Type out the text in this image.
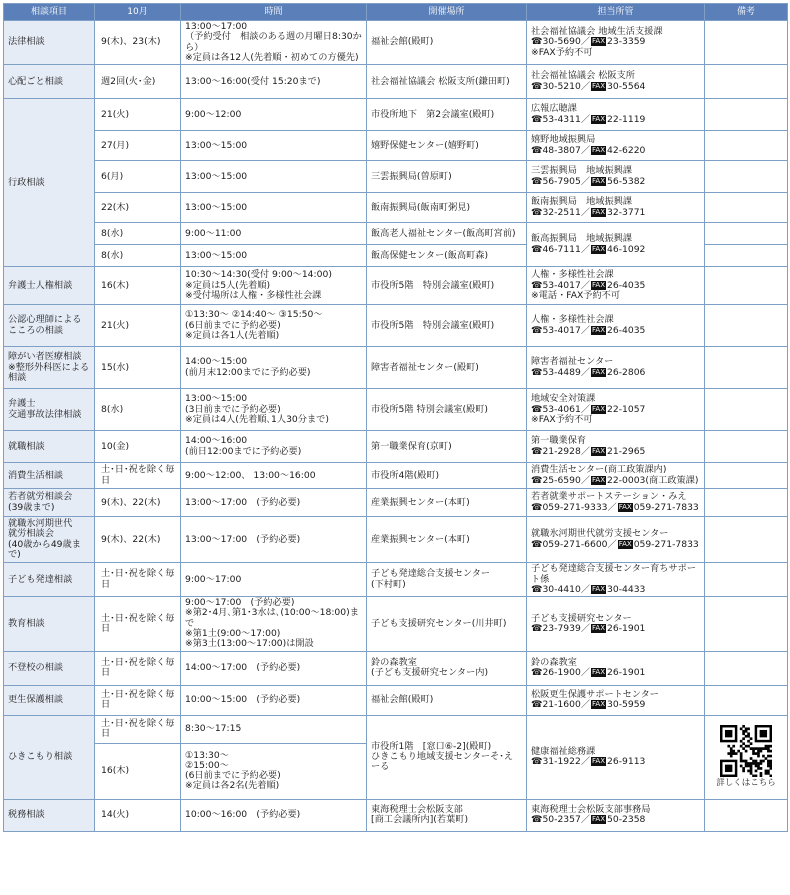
相談項目	10月	時間	開催場所	担当所管	備考
法律相談	9(木)、23(木)	13:00～17:00
（予約受付　相談のある週の月曜日8:30から）
※定員は各12人(先着順・初めての方優先)	福祉会館(殿町)	社会福祉協議会 地域生活支援課
☎30-5690／ FAX 23-3359
※FAX予約不可	
心配ごと相談	週2回(火･金)	13:00～16:00(受付 15:20まで)	社会福祉協議会 松阪支所(鎌田町)	社会福祉協議会 松阪支所
☎30-5210／ FAX 30-5564	
行政相談	21(火)	9:00～12:00	市役所地下　第2会議室(殿町)	広報広聴課
☎53-4311／ FAX 22-1119	
	27(月)	13:00～15:00	嬉野保健センター(嬉野町)	嬉野地域振興局
☎48-3807／ FAX 42-6220	
	6(月)	13:00～15:00	三雲振興局(曽原町)	三雲振興局　地域振興課
☎56-7905／ FAX 56-5382	
	22(木)	13:00～15:00	飯南振興局(飯南町粥見)	飯南振興局　地域振興課
☎32-2511／ FAX 32-3771	
	8(水)	9:00～11:00	飯高老人福祉センター(飯高町宮前)	飯高振興局　地域振興課
☎46-7111／ FAX 46-1092	
	8(水)	13:00～15:00	飯高保健センター(飯高町森)		
弁護士人権相談	16(木)	10:30～14:30(受付 9:00～14:00)
※定員は5人(先着順)
※受付場所は人権・多様性社会課	市役所5階　特別会議室(殿町)	人権・多様性社会課
☎53-4017／ FAX 26-4035
※電話・FAX予約不可	
公認心理師による
こころの相談	21(火)	①13:30～ ②14:40～ ③15:50～
(6日前までに予約必要)
※定員は各1人(先着順)	市役所5階　特別会議室(殿町)	人権・多様性社会課
☎53-4017／ FAX 26-4035	
障がい者医療相談
※整形外科医による
相談	15(水)	14:00～15:00
(前月末12:00までに予約必要)	障害者福祉センター(殿町)	障害者福祉センター
☎53-4489／ FAX 26-2806	
弁護士
交通事故法律相談	8(水)	13:00～15:00
(3日前までに予約必要)
※定員は4人(先着順､1人30分まで)	市役所5階 特別会議室(殿町)	地域安全対策課
☎53-4061／ FAX 22-1057
※FAX予約不可	
就職相談	10(金)	14:00～16:00
(前日12:00までに予約必要)	第一職業保育(京町)	第一職業保育
☎21-2928／ FAX 21-2965	
消費生活相談	土･日･祝を除く毎日	9:00～12:00、 13:00～16:00	市役所4階(殿町)	消費生活センター(商工政策課内)
☎25-6590／ FAX 22-0003(商工政策課)	
若者就労相談会
(39歳まで)	9(木)、22(木)	13:00～17:00　(予約必要)	産業振興センター(本町)	若者就業サポートステーション・みえ
☎059-271-9333／ FAX 059-271-7833	
就職氷河期世代
就労相談会
(40歳から49歳まで)	9(木)、22(木)	13:00～17:00　(予約必要)	産業振興センター(本町)	就職氷河期世代就労支援センター
☎059-271-6600／ FAX 059-271-7833	
子ども発達相談	土･日･祝を除く毎日	9:00～17:00	子ども発達総合支援センター
(下村町)	子ども発達総合支援センター育ちサポート係
☎30-4410／ FAX 30-4433	
教育相談	土･日･祝を除く毎日	9:00～17:00　(予約必要)
※第2･4月､第1･3水は､(10:00～18:00)まで
※第1土(9:00～17:00)
※第3土(13:00～17:00)は開設	子ども支援研究センター(川井町)	子ども支援研究センター
☎23-7939／ FAX 26-1901	
不登校の相談	土･日･祝を除く毎日	14:00～17:00　(予約必要)	鈴の森教室
(子ども支援研究センター内)	鈴の森教室
☎26-1900／ FAX 26-1901	
更生保護相談	土･日･祝を除く毎日	10:00～15:00　(予約必要)	福祉会館(殿町)	松阪更生保護サポートセンター
☎21-1600／ FAX 30-5959	
ひきこもり相談	土･日･祝を除く毎日	8:30～17:15	市役所1階　[窓口⑥-2](殿町)
ひきこもり地域支援センターそ･えーる	健康福祉総務課
☎31-1922／ FAX 26-9113	詳しくはこちら

	16(木)	①13:30～
②15:00～
(6日前までに予約必要)
※定員は各2名(先着順)			
税務相談	14(火)	10:00～16:00　(予約必要)	東海税理士会松阪支部
[商工会議所内](若葉町)	東海税理士会松阪支部事務局
☎50-2357／ FAX 50-2358	
